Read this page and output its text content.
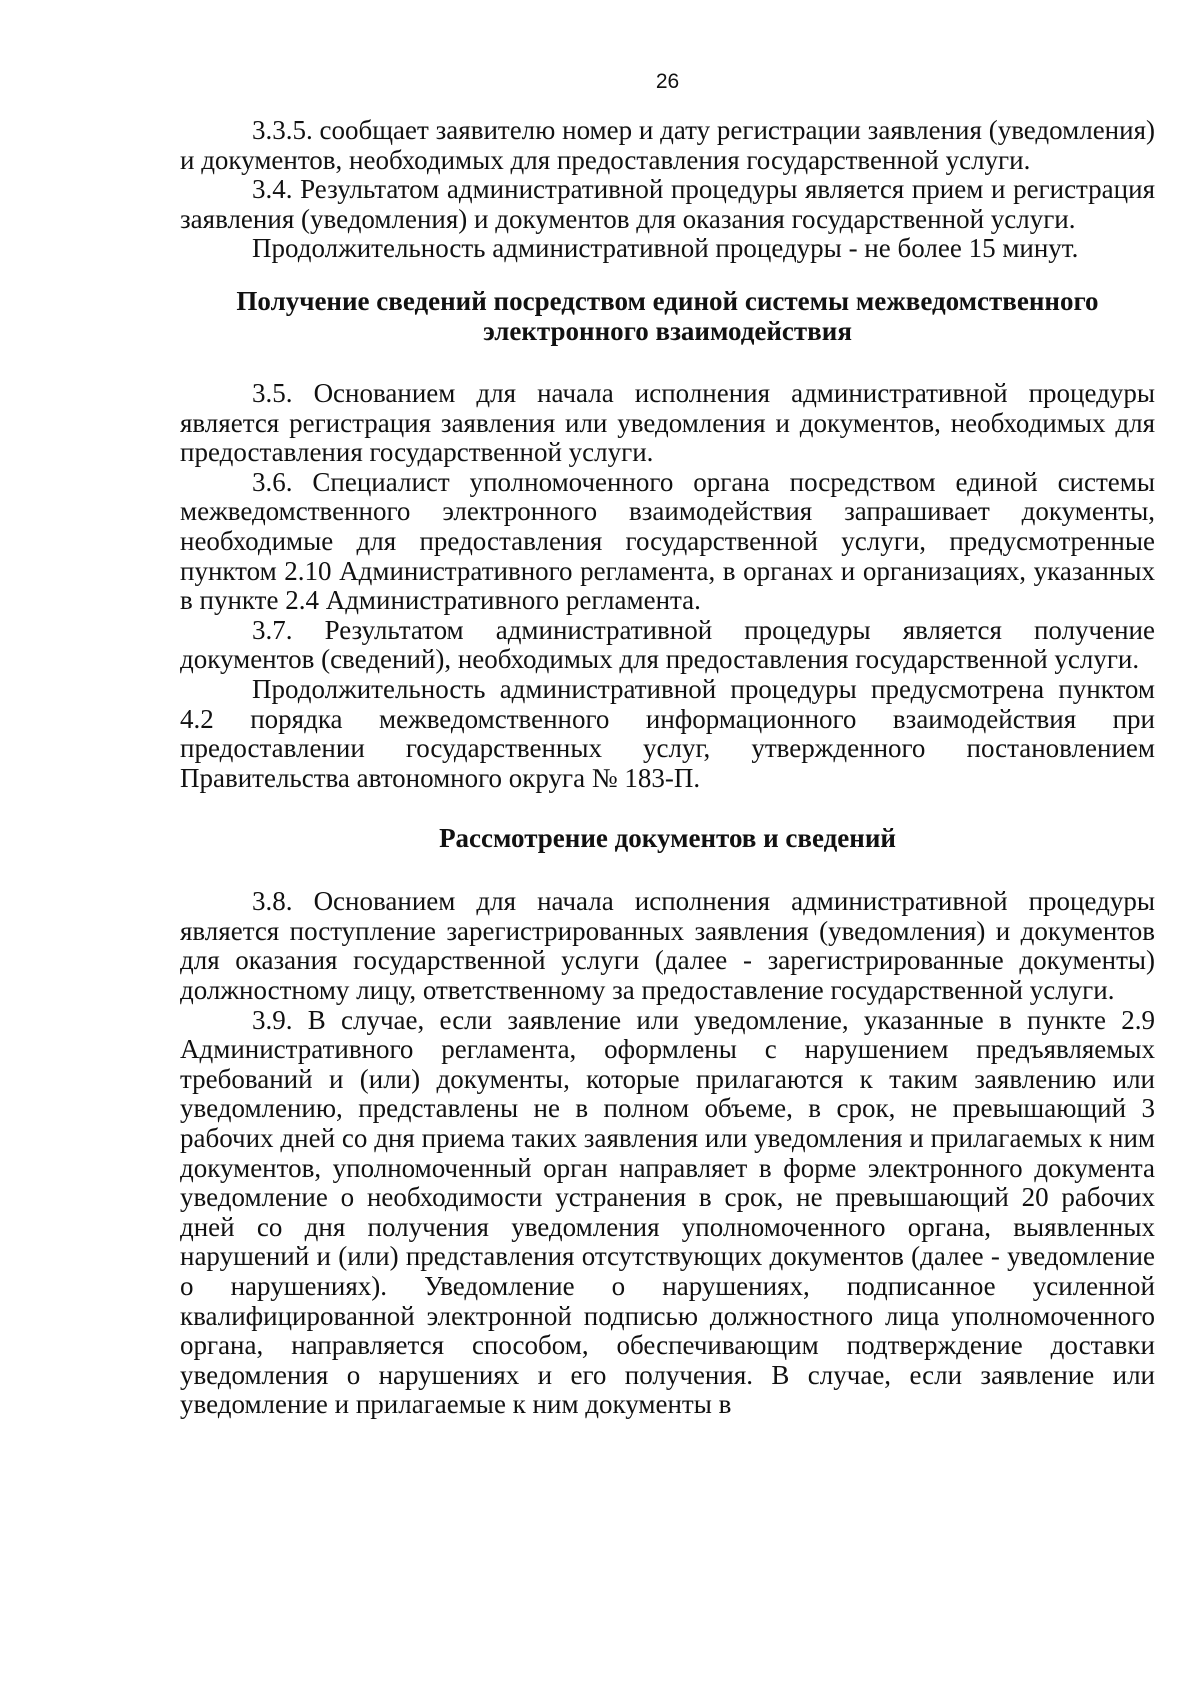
26

3.3.5. сообщает заявителю номер и дату регистрации заявления (уведомления) и документов, необходимых для предоставления государственной услуги.

3.4. Результатом административной процедуры является прием и регистрация заявления (уведомления) и документов для оказания государственной услуги.

Продолжительность административной процедуры - не более 15 минут.

Получение сведений посредством единой системы межведомственного электронного взаимодействия

3.5. Основанием для начала исполнения административной процедуры является регистрация заявления или уведомления и документов, необходимых для предоставления государственной услуги.

3.6. Специалист уполномоченного органа посредством единой системы межведомственного электронного взаимодействия запрашивает документы, необходимые для предоставления государственной услуги, предусмотренные пунктом 2.10 Административного регламента, в органах и организациях, указанных в пункте 2.4 Административного регламента.

3.7. Результатом административной процедуры является получение документов (сведений), необходимых для предоставления государственной услуги.

Продолжительность административной процедуры предусмотрена пунктом 4.2 порядка межведомственного информационного взаимодействия при предоставлении государственных услуг, утвержденного постановлением Правительства автономного округа № 183-П.

Рассмотрение документов и сведений

3.8. Основанием для начала исполнения административной процедуры является поступление зарегистрированных заявления (уведомления) и документов для оказания государственной услуги (далее - зарегистрированные документы) должностному лицу, ответственному за предоставление государственной услуги.

3.9. В случае, если заявление или уведомление, указанные в пункте 2.9 Административного регламента, оформлены с нарушением предъявляемых требований и (или) документы, которые прилагаются к таким заявлению или уведомлению, представлены не в полном объеме, в срок, не превышающий 3 рабочих дней со дня приема таких заявления или уведомления и прилагаемых к ним документов, уполномоченный орган направляет в форме электронного документа уведомление о необходимости устранения в срок, не превышающий 20 рабочих дней со дня получения уведомления уполномоченного органа, выявленных нарушений и (или) представления отсутствующих документов (далее - уведомление о нарушениях). Уведомление о нарушениях, подписанное усиленной квалифицированной электронной подписью должностного лица уполномоченного органа, направляется способом, обеспечивающим подтверждение доставки уведомления о нарушениях и его получения. В случае, если заявление или уведомление и прилагаемые к ним документы в
